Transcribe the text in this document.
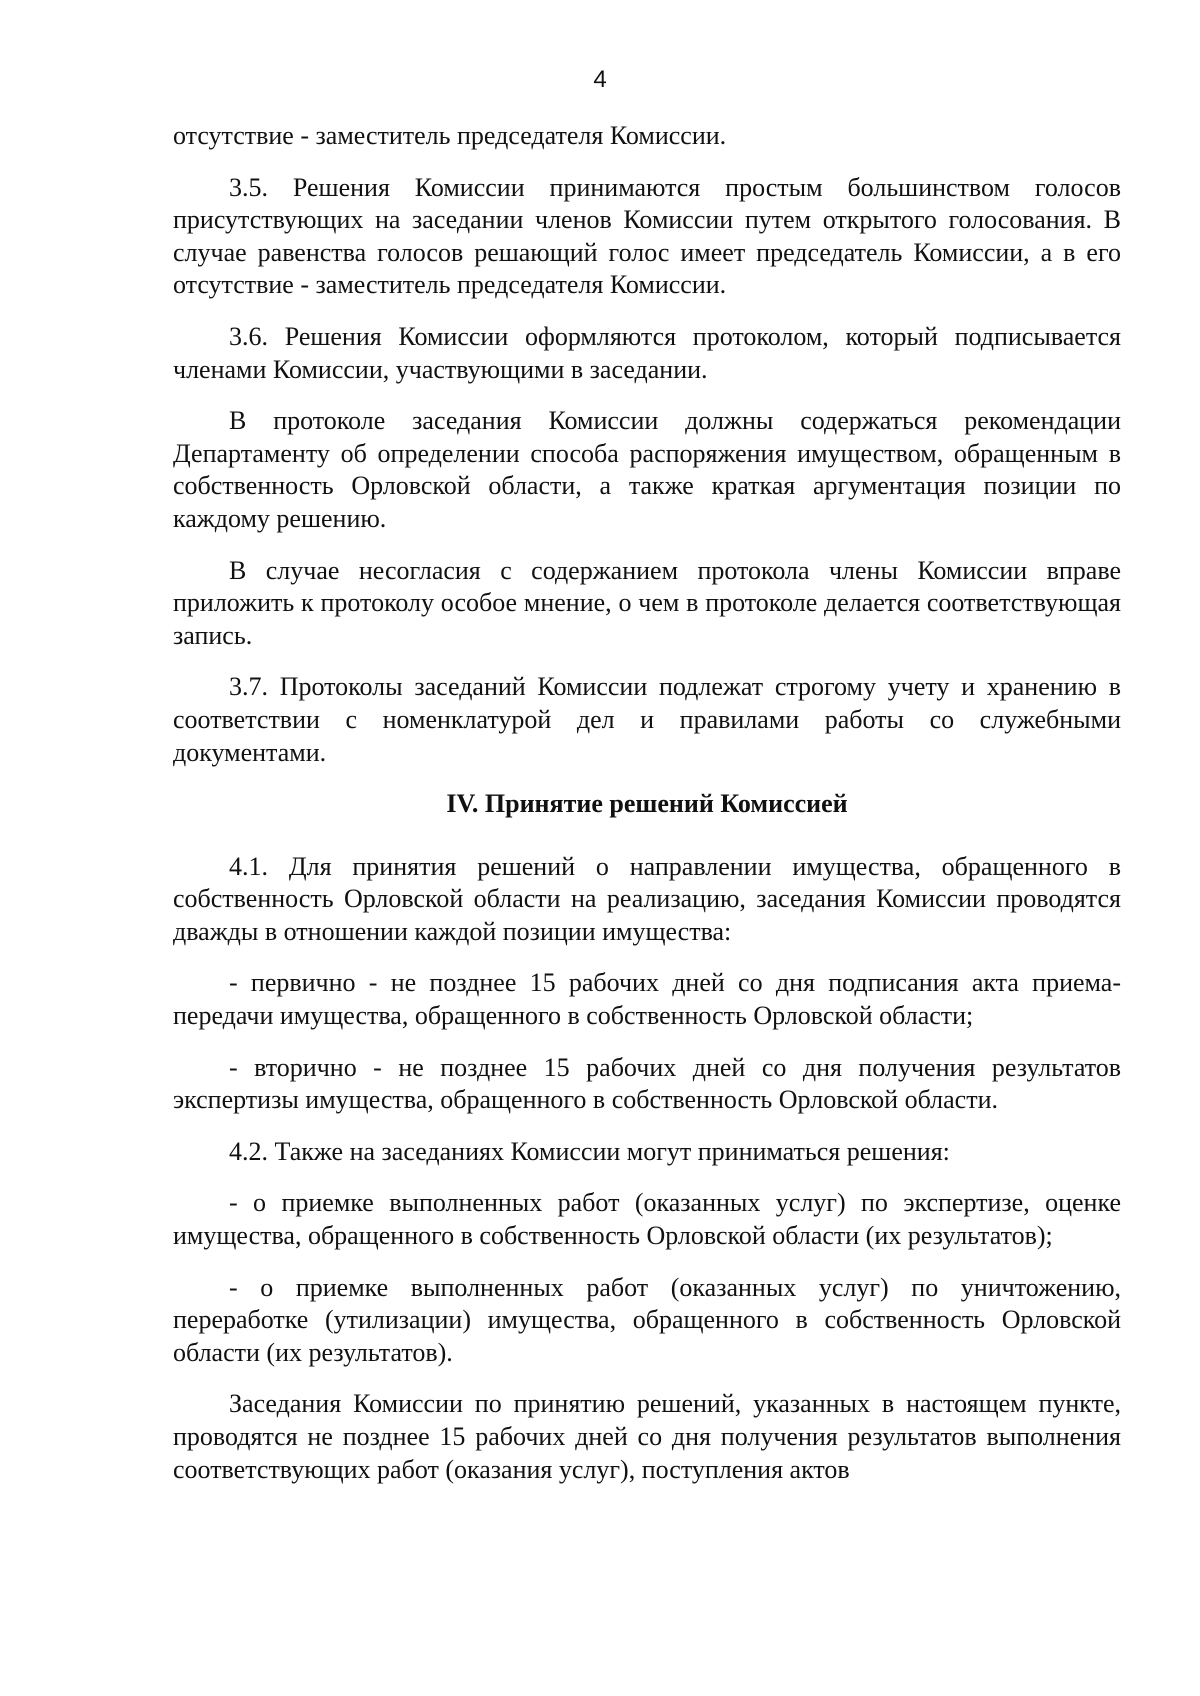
4

отсутствие - заместитель председателя Комиссии.

3.5. Решения Комиссии принимаются простым большинством голосов присутствующих на заседании членов Комиссии путем открытого голосования. В случае равенства голосов решающий голос имеет председатель Комиссии, а в его отсутствие - заместитель председателя Комиссии.

3.6. Решения Комиссии оформляются протоколом, который подписывается членами Комиссии, участвующими в заседании.

В протоколе заседания Комиссии должны содержаться рекомендации Департаменту об определении способа распоряжения имуществом, обращенным в собственность Орловской области, а также краткая аргументация позиции по каждому решению.

В случае несогласия с содержанием протокола члены Комиссии вправе приложить к протоколу особое мнение, о чем в протоколе делается соответствующая запись.

3.7. Протоколы заседаний Комиссии подлежат строгому учету и хранению в соответствии с номенклатурой дел и правилами работы со служебными документами.

IV. Принятие решений Комиссией

4.1. Для принятия решений о направлении имущества, обращенного в собственность Орловской области на реализацию, заседания Комиссии проводятся дважды в отношении каждой позиции имущества:

- первично - не позднее 15 рабочих дней со дня подписания акта приема-передачи имущества, обращенного в собственность Орловской области;

- вторично - не позднее 15 рабочих дней со дня получения результатов экспертизы имущества, обращенного в собственность Орловской области.

4.2. Также на заседаниях Комиссии могут приниматься решения:

- о приемке выполненных работ (оказанных услуг) по экспертизе, оценке имущества, обращенного в собственность Орловской области (их результатов);

- о приемке выполненных работ (оказанных услуг) по уничтожению, переработке (утилизации) имущества, обращенного в собственность Орловской области (их результатов).

Заседания Комиссии по принятию решений, указанных в настоящем пункте, проводятся не позднее 15 рабочих дней со дня получения результатов выполнения соответствующих работ (оказания услуг), поступления актов
